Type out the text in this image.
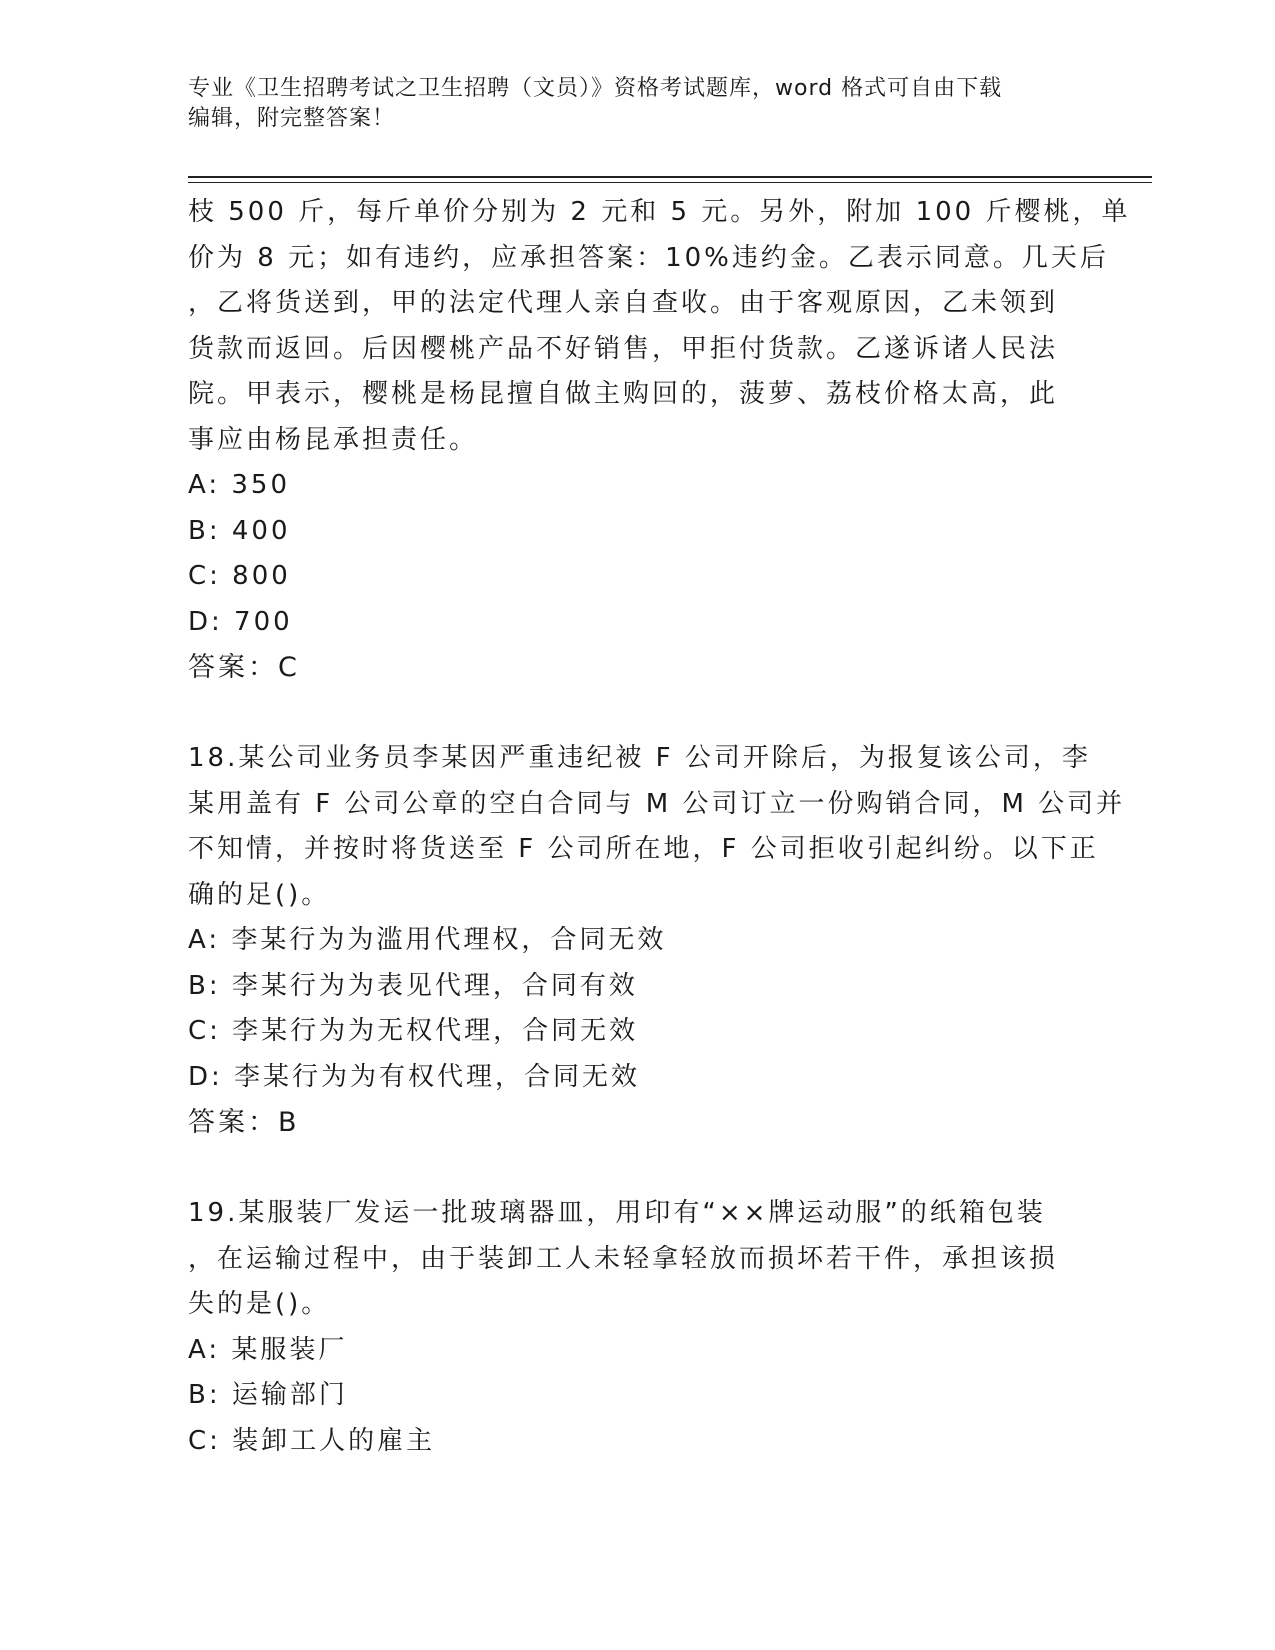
专业《卫生招聘考试之卫生招聘（文员）》资格考试题库，word 格式可自由下载
编辑，附完整答案！
枝 500 斤，每斤单价分别为 2 元和 5 元。另外，附加 100 斤樱桃，单
价为 8 元；如有违约，应承担答案：10%违约金。乙表示同意。几天后
，乙将货送到，甲的法定代理人亲自查收。由于客观原因，乙未领到
货款而返回。后因樱桃产品不好销售，甲拒付货款。乙遂诉诸人民法
院。甲表示，樱桃是杨昆擅自做主购回的，菠萝、荔枝价格太高，此
事应由杨昆承担责任。
A: 350
B: 400
C: 800
D: 700
答案：C
18.某公司业务员李某因严重违纪被 F 公司开除后，为报复该公司，李
某用盖有 F 公司公章的空白合同与 M 公司订立一份购销合同，M 公司并
不知情，并按时将货送至 F 公司所在地，F 公司拒收引起纠纷。以下正
确的足()。
A: 李某行为为滥用代理权，合同无效
B: 李某行为为表见代理，合同有效
C: 李某行为为无权代理，合同无效
D: 李某行为为有权代理，合同无效
答案：B
19.某服装厂发运一批玻璃器皿，用印有“××牌运动服”的纸箱包装
，在运输过程中，由于装卸工人未轻拿轻放而损坏若干件，承担该损
失的是()。
A: 某服装厂
B: 运输部门
C: 装卸工人的雇主
